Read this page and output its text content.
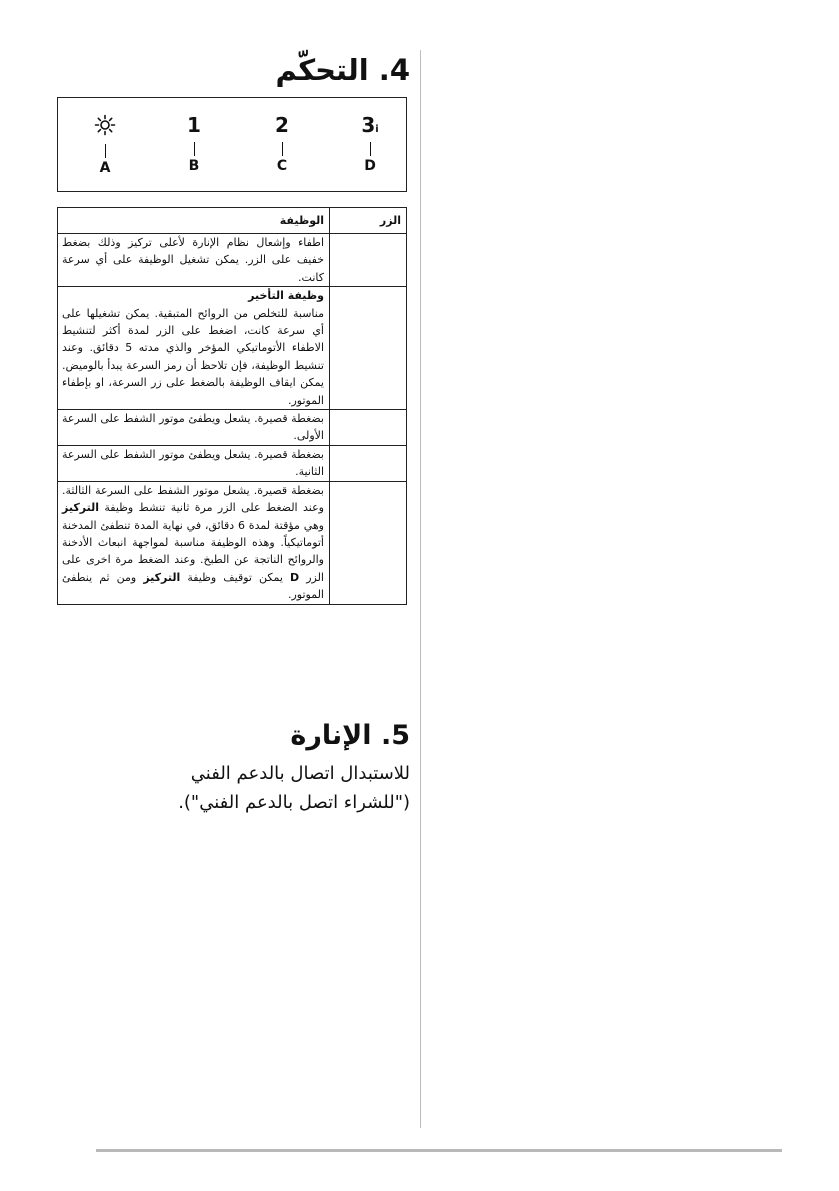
4. التحكّم
A
1
B
2
C
3i
D
الزر	الوظيفة
	اطفاء وإشعال نظام الإنارة لأعلى تركيز وذلك بضغط خفيف على الزر. يمكن تشغيل الوظيفة على أي سرعة كانت.

	وظيفة التأخير
مناسبة للتخلص من الروائح المتبقية. يمكن تشغيلها على أي سرعة كانت، اضغط على الزر لمدة أكثر لتنشيط الاطفاء الأتوماتيكي المؤخر والذي مدته 5 دقائق. وعند تنشيط الوظيفة، فإن تلاحظ أن رمز السرعة يبدأ بالوميض. يمكن ايقاف الوظيفة بالضغط على زر السرعة، او بإطفاء الموتور.
	بضغطة قصيرة. يشعل ويطفئ موتور الشفط على السرعة الأولى.
	بضغطة قصيرة. يشعل ويطفئ موتور الشفط على السرعة الثانية.
	بضغطة قصيرة. يشعل موتور الشفط على السرعة الثالثة. وعند الضغط على الزر مرة ثانية تنشط وظيفة التركيز وهي مؤقتة لمدة 6 دقائق، في نهاية المدة تنطفئ المدخنة أتوماتيكياً. وهذه الوظيفة مناسبة لمواجهة انبعاث الأدخنة والروائح الناتجة عن الطبخ. وعند الضغط مرة اخرى على الزر D يمكن توقيف وظيفة التركيز ومن ثم ينطفئ الموتور.
5. الإنارة
للاستبدال اتصال بالدعم الفني
("للشراء اتصل بالدعم الفني").
